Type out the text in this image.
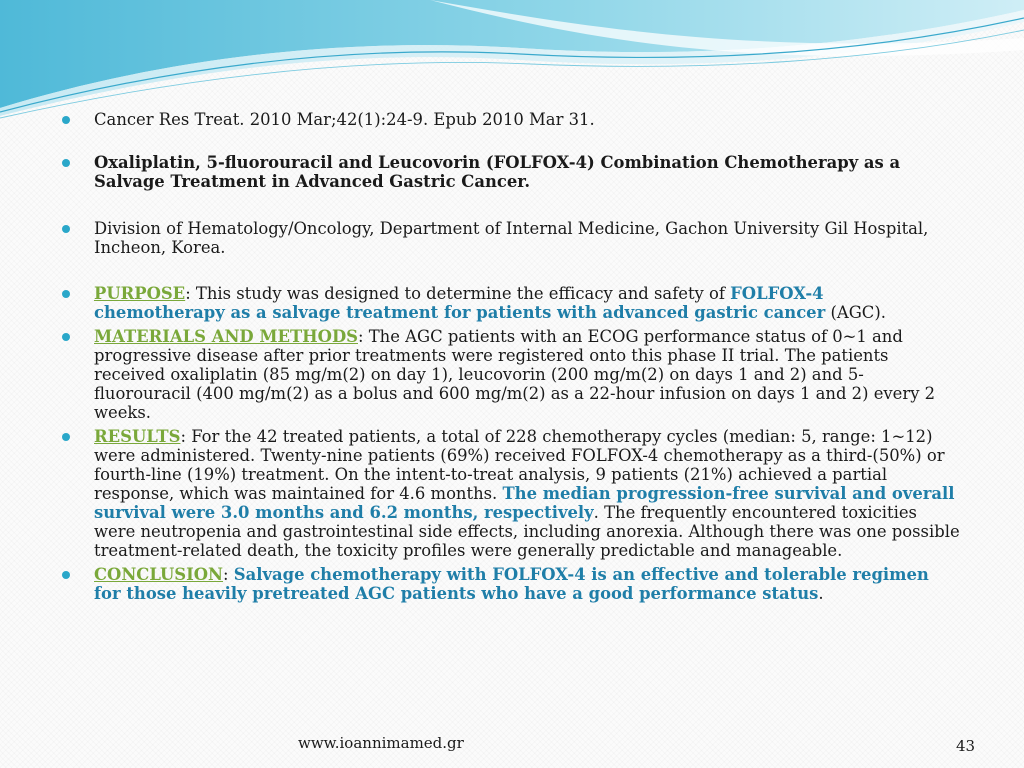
Cancer Res Treat. 2010 Mar;42(1):24-9. Epub 2010 Mar 31.
Oxaliplatin, 5-fluorouracil and Leucovorin (FOLFOX-4) Combination Chemotherapy as a Salvage Treatment in Advanced Gastric Cancer.
Division of Hematology/Oncology, Department of Internal Medicine, Gachon University Gil Hospital, Incheon, Korea.
PURPOSE: This study was designed to determine the efficacy and safety of FOLFOX-4 chemotherapy as a salvage treatment for patients with advanced gastric cancer (AGC).
MATERIALS AND METHODS: The AGC patients with an ECOG performance status of 0~1 and progressive disease after prior treatments were registered onto this phase II trial. The patients received oxaliplatin (85 mg/m(2) on day 1), leucovorin (200 mg/m(2) on days 1 and 2) and 5-fluorouracil (400 mg/m(2) as a bolus and 600 mg/m(2) as a 22-hour infusion on days 1 and 2) every 2 weeks.
RESULTS: For the 42 treated patients, a total of 228 chemotherapy cycles (median: 5, range: 1~12) were administered. Twenty-nine patients (69%) received FOLFOX-4 chemotherapy as a third-(50%) or fourth-line (19%) treatment. On the intent-to-treat analysis, 9 patients (21%) achieved a partial response, which was maintained for 4.6 months. The median progression-free survival and overall survival were 3.0 months and 6.2 months, respectively. The frequently encountered toxicities were neutropenia and gastrointestinal side effects, including anorexia. Although there was one possible treatment-related death, the toxicity profiles were generally predictable and manageable.
CONCLUSION: Salvage chemotherapy with FOLFOX-4 is an effective and tolerable regimen for those heavily pretreated AGC patients who have a good performance status.
www.ioannimamed.gr	43
